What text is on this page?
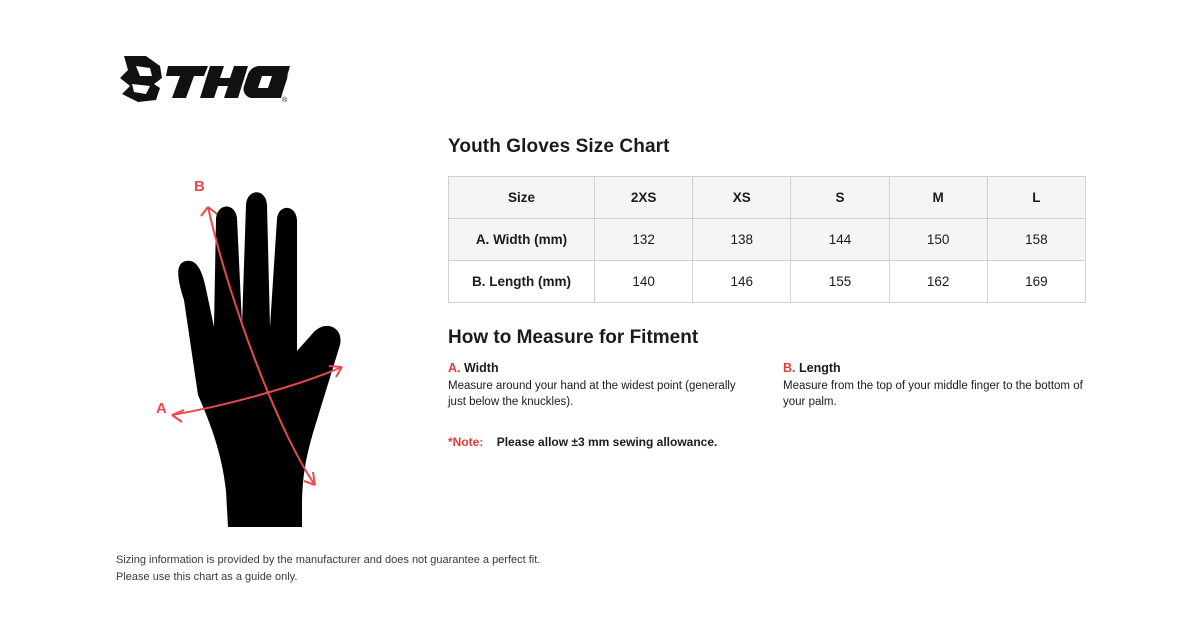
®
A
B
Youth Gloves Size Chart
Size	2XS	XS	S	M	L
A. Width (mm)	132	138	144	150	158
B. Length (mm)	140	146	155	162	169
How to Measure for Fitment
A. Width
Measure around your hand at the widest point (generally just below the knuckles).
B. Length
Measure from the top of your middle finger to the bottom of your palm.
*Note: Please allow ±3 mm sewing allowance.
Sizing information is provided by the manufacturer and does not guarantee a perfect fit.
Please use this chart as a guide only.
